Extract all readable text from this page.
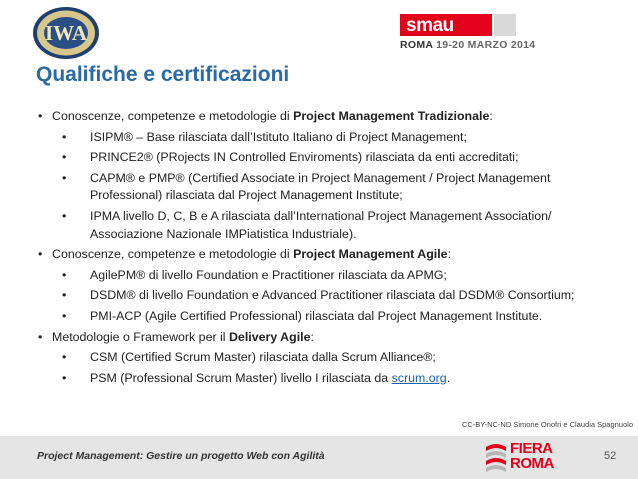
IWA	smau
ROMA 19-20 MARZO 2014
Qualifiche e certificazioni
• Conoscenze, competenze e metodologie di Project Management Tradizionale:
• ISIPM® – Base rilasciata dall’Istituto Italiano di Project Management;
• PRINCE2® (PRojects IN Controlled Enviroments) rilasciata da enti accreditati;
• CAPM® e PMP® (Certified Associate in Project Management / Project Management Professional) rilasciata dal Project Management Institute;
• IPMA livello D, C, B e A rilasciata dall’International Project Management Association/ Associazione Nazionale IMPiatistica Industriale).
• Conoscenze, competenze e metodologie di Project Management Agile:
• AgilePM® di livello Foundation e Practitioner rilasciata da APMG;
• DSDM® di livello Foundation e Advanced Practitioner rilasciata dal DSDM® Consortium;
• PMI-ACP (Agile Certified Professional) rilasciata dal Project Management Institute.
• Metodologie o Framework per il Delivery Agile:
• CSM (Certified Scrum Master) rilasciata dalla Scrum Alliance®;
• PSM (Professional Scrum Master) livello I rilasciata da scrum.org.
CC-BY-NC-ND Simone Onofri e Claudia Spagnuolo
Project Management: Gestire un progetto Web con Agilità	FIERA
ROMA	52
